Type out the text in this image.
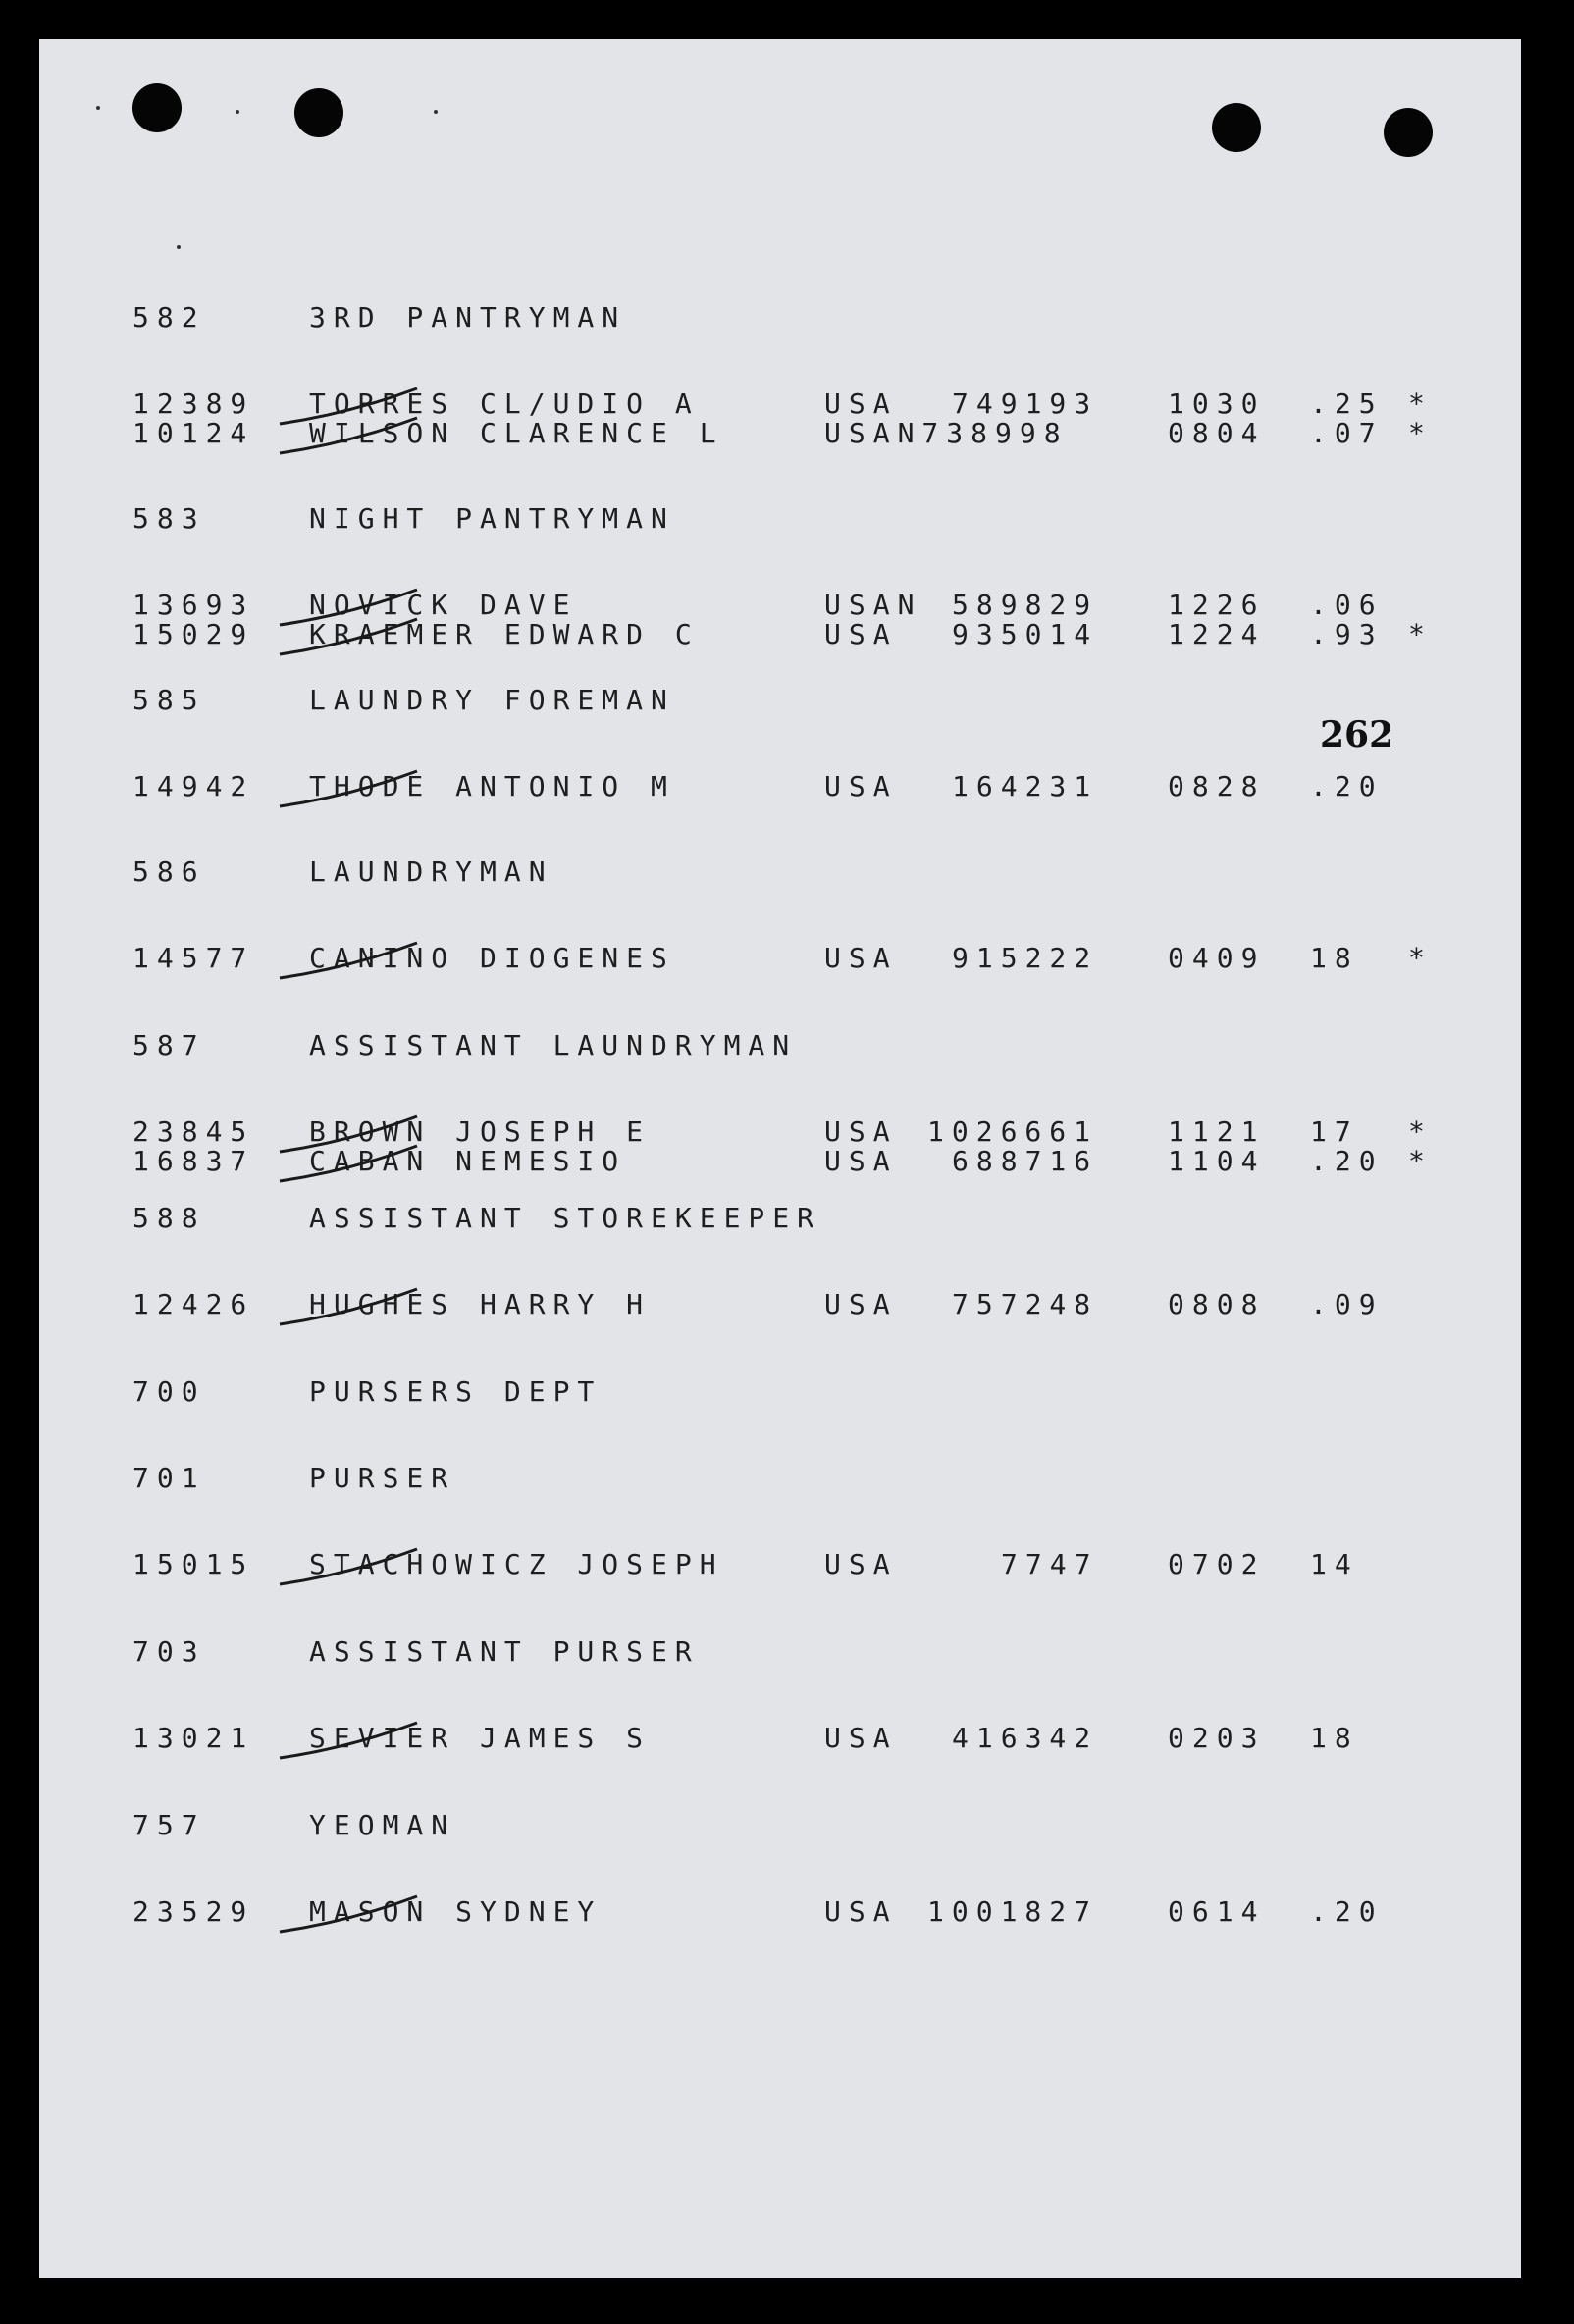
262
582	3RD PANTRYMAN
12389 TORRES CL/UDIO A	USA 749193	1030 .25 *
10124 WILSON CLARENCE L	USAN738998	0804 .07 *
583	NIGHT PANTRYMAN
13693 NOVICK DAVE	USAN 589829	1226 .06
15029 KRAEMER EDWARD C	USA 935014	1224 .93 *
585	LAUNDRY FOREMAN
14942 THODE ANTONIO M	USA 164231	0828 .20
586	LAUNDRYMAN
14577 CANINO DIOGENES	USA 915222	0409 18 *
587	ASSISTANT LAUNDRYMAN
23845 BROWN JOSEPH E	USA 1026661	1121 17 *
16837 CABAN NEMESIO	USA 688716	1104 .20 *
588	ASSISTANT STOREKEEPER
12426 HUGHES HARRY H	USA 757248	0808 .09
700	PURSERS DEPT
701	PURSER
15015 STACHOWICZ JOSEPH	USA	7747	0702 14
703	ASSISTANT PURSER
13021 SEVIER JAMES S	USA 416342	0203 18
757	YEOMAN
23529 MASON SYDNEY	USA 1001827	0614 .20
